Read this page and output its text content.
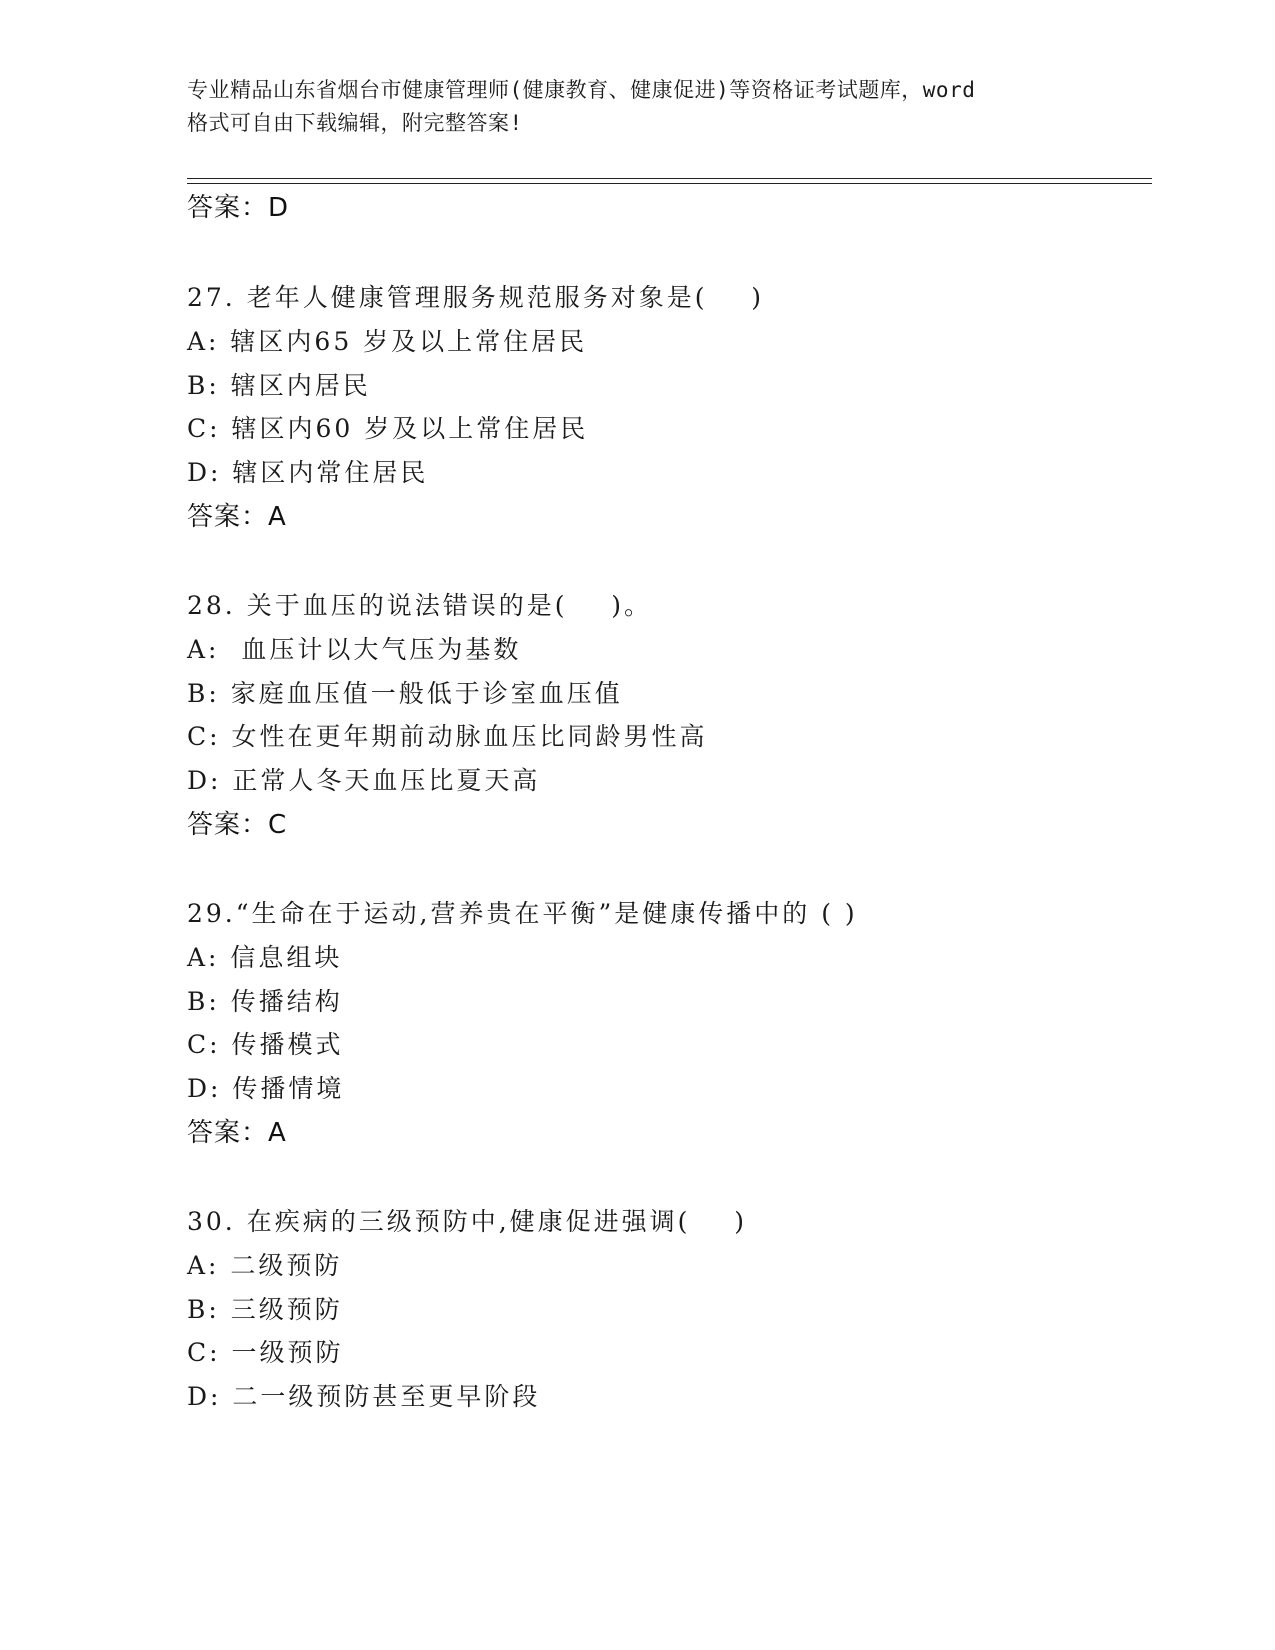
专业精品山东省烟台市健康管理师(健康教育、健康促进)等资格证考试题库，word
格式可自由下载编辑，附完整答案!
答案：D
27. 老年人健康管理服务规范服务对象是(    )
A: 辖区内65 岁及以上常住居民
B: 辖区内居民
C: 辖区内60 岁及以上常住居民
D: 辖区内常住居民
答案：A
28. 关于血压的说法错误的是(    )。
A:  血压计以大气压为基数
B: 家庭血压值一般低于诊室血压值
C: 女性在更年期前动脉血压比同龄男性高
D: 正常人冬天血压比夏天高
答案：C
29.“生命在于运动,营养贵在平衡”是健康传播中的 ( )
A: 信息组块
B: 传播结构
C: 传播模式
D: 传播情境
答案：A
30. 在疾病的三级预防中,健康促进强调(    )
A: 二级预防
B: 三级预防
C: 一级预防
D: 二一级预防甚至更早阶段
